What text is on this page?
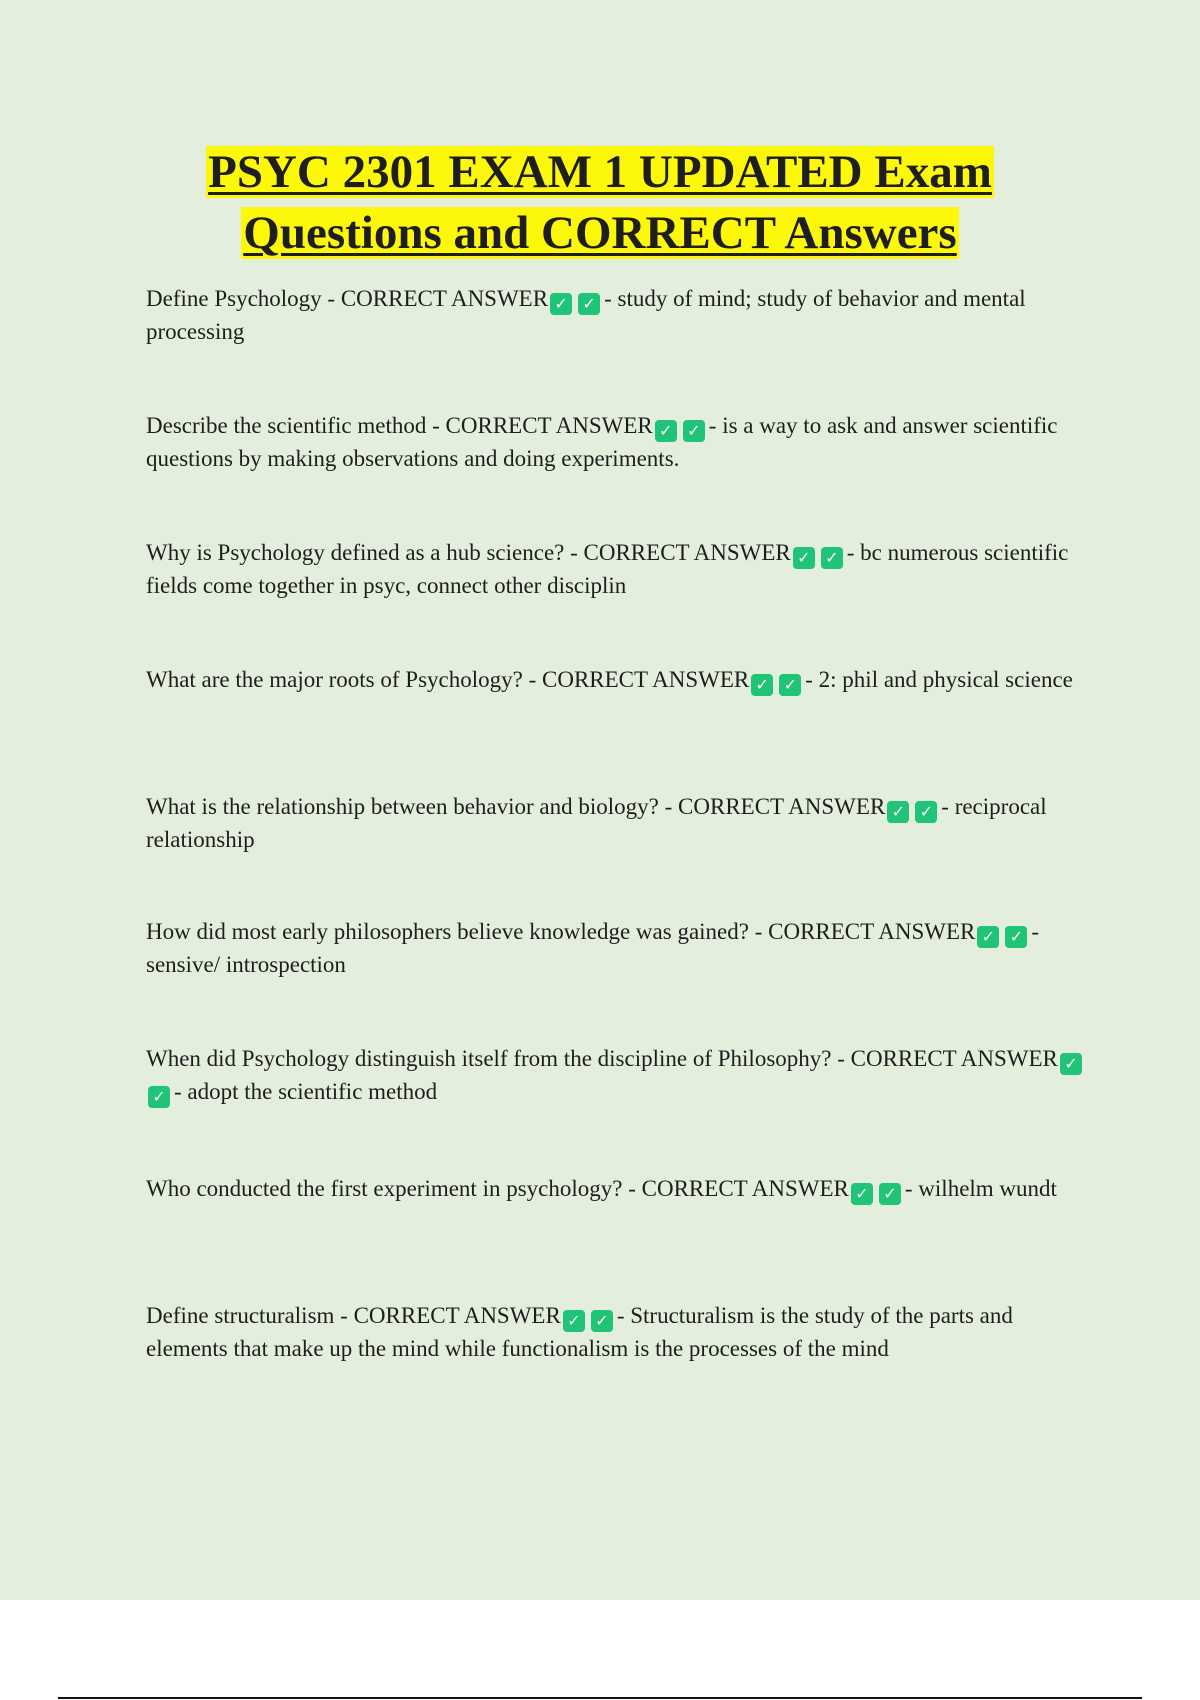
PSYC 2301 EXAM 1 UPDATED Exam
Questions and CORRECT Answers
Define Psychology - CORRECT ANSWER ✓ ✓ - study of mind; study of behavior and mental processing
Describe the scientific method - CORRECT ANSWER ✓ ✓ - is a way to ask and answer scientific questions by making observations and doing experiments.
Why is Psychology defined as a hub science? - CORRECT ANSWER ✓ ✓ - bc numerous scientific fields come together in psyc, connect other disciplin
What are the major roots of Psychology? - CORRECT ANSWER ✓ ✓ - 2: phil and physical science
What is the relationship between behavior and biology? - CORRECT ANSWER ✓ ✓ - reciprocal relationship
How did most early philosophers believe knowledge was gained? - CORRECT ANSWER ✓ ✓ - sensive/ introspection
When did Psychology distinguish itself from the discipline of Philosophy? - CORRECT ANSWER ✓✓ - adopt the scientific method
Who conducted the first experiment in psychology? - CORRECT ANSWER ✓ ✓ - wilhelm wundt
Define structuralism - CORRECT ANSWER ✓ ✓ - Structuralism is the study of the parts and elements that make up the mind while functionalism is the processes of the mind
